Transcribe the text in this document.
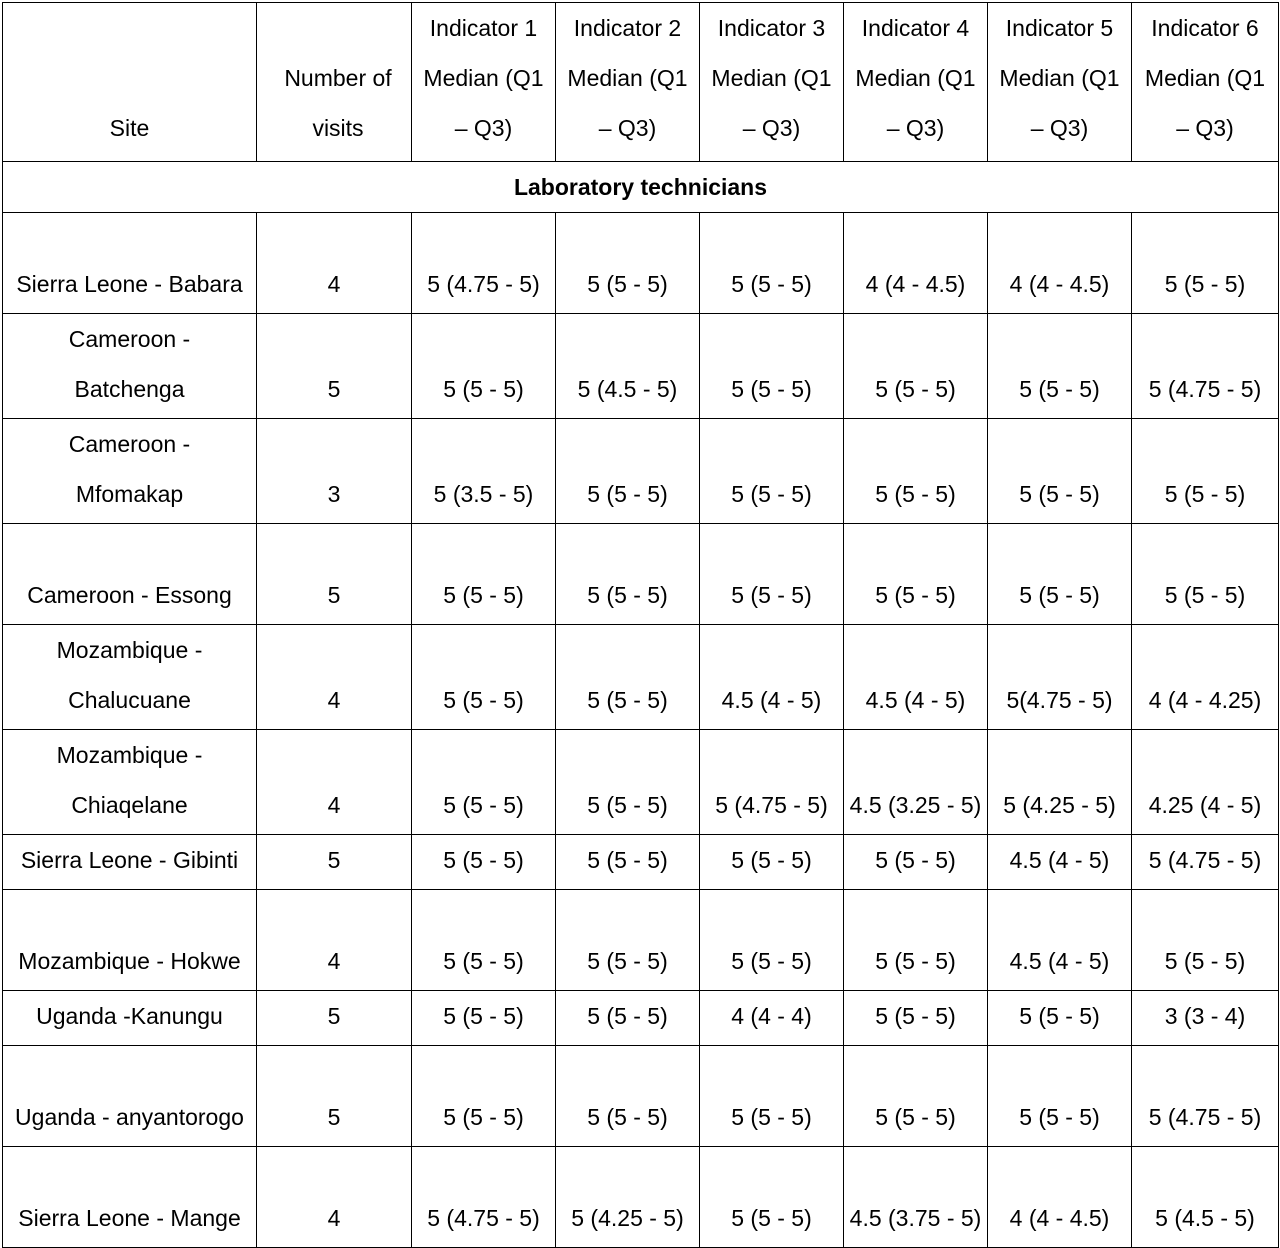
Site	Number of visits	Indicator 1 Median (Q1 – Q3)	Indicator 2 Median (Q1 – Q3)	Indicator 3 Median (Q1 – Q3)	Indicator 4 Median (Q1 – Q3)	Indicator 5 Median (Q1 – Q3)	Indicator 6 Median (Q1 – Q3)
Laboratory technicians							
Sierra Leone - Babara	4	5 (4.75 - 5)	5 (5 - 5)	5 (5 - 5)	4 (4 - 4.5)	4 (4 - 4.5)	5 (5 - 5)
Cameroon - Batchenga	5	5 (5 - 5)	5 (4.5 - 5)	5 (5 - 5)	5 (5 - 5)	5 (5 - 5)	5 (4.75 - 5)
Cameroon - Mfomakap	3	5 (3.5 - 5)	5 (5 - 5)	5 (5 - 5)	5 (5 - 5)	5 (5 - 5)	5 (5 - 5)
Cameroon - Essong	5	5 (5 - 5)	5 (5 - 5)	5 (5 - 5)	5 (5 - 5)	5 (5 - 5)	5 (5 - 5)
Mozambique - Chalucuane	4	5 (5 - 5)	5 (5 - 5)	4.5 (4 - 5)	4.5 (4 - 5)	5(4.75 - 5)	4 (4 - 4.25)
Mozambique - Chiaqelane	4	5 (5 - 5)	5 (5 - 5)	5 (4.75 - 5)	4.5 (3.25 - 5)	5 (4.25 - 5)	4.25 (4 - 5)
Sierra Leone - Gibinti	5	5 (5 - 5)	5 (5 - 5)	5 (5 - 5)	5 (5 - 5)	4.5 (4 - 5)	5 (4.75 - 5)
Mozambique - Hokwe	4	5 (5 - 5)	5 (5 - 5)	5 (5 - 5)	5 (5 - 5)	4.5 (4 - 5)	5 (5 - 5)
Uganda -Kanungu	5	5 (5 - 5)	5 (5 - 5)	4 (4 - 4)	5 (5 - 5)	5 (5 - 5)	3 (3 - 4)
Uganda - anyantorogo	5	5 (5 - 5)	5 (5 - 5)	5 (5 - 5)	5 (5 - 5)	5 (5 - 5)	5 (4.75 - 5)
Sierra Leone - Mange	4	5 (4.75 - 5)	5 (4.25 - 5)	5 (5 - 5)	4.5 (3.75 - 5)	4 (4 - 4.5)	5 (4.5 - 5)
